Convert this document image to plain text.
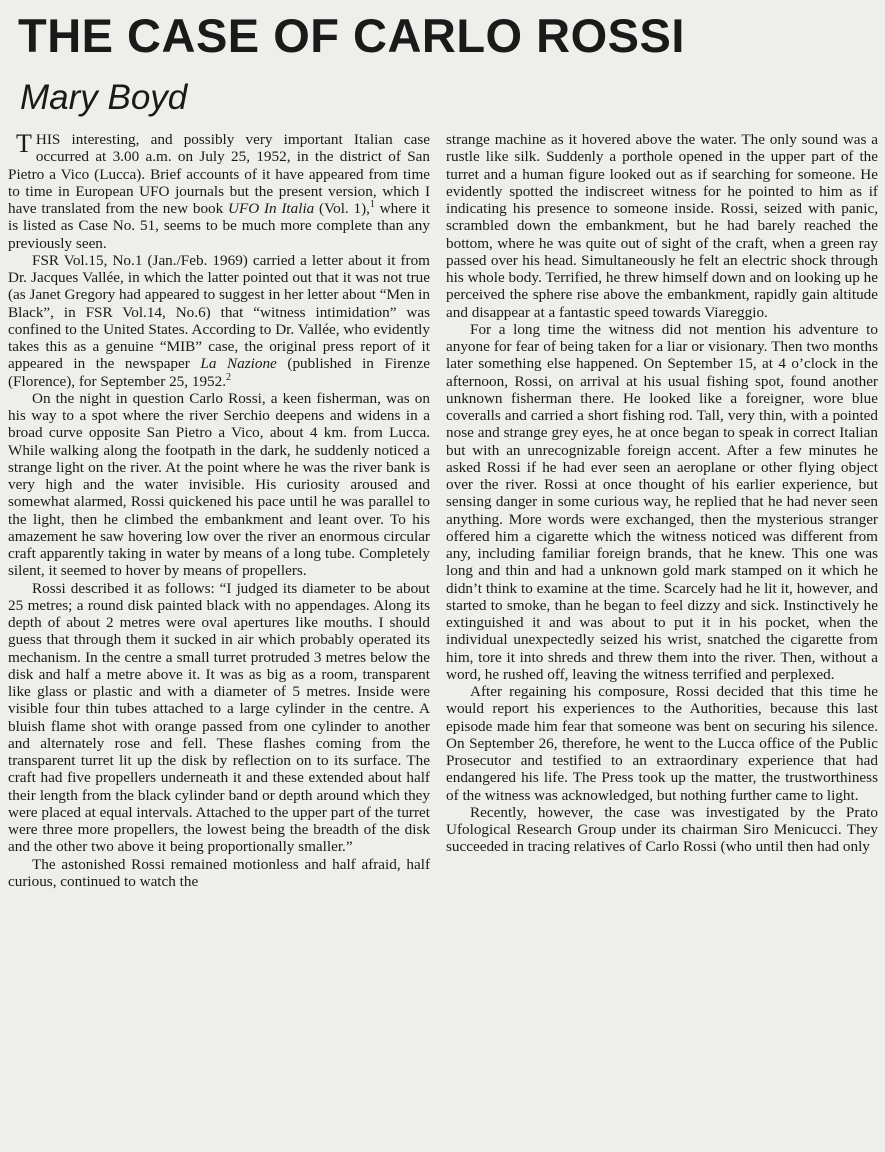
THE CASE OF CARLO ROSSI
Mary Boyd

THIS interesting, and possibly very important Italian case occurred at 3.00 a.m. on July 25, 1952, in the district of San Pietro a Vico (Lucca). Brief accounts of it have appeared from time to time in European UFO journals but the present version, which I have translated from the new book UFO In Italia (Vol. 1),$^1$ where it is listed as Case No. 51, seems to be much more complete than any previously seen.

FSR Vol.15, No.1 (Jan./Feb. 1969) carried a letter about it from Dr. Jacques Vallée, in which the latter pointed out that it was not true (as Janet Gregory had appeared to suggest in her letter about “Men in Black”, in FSR Vol.14, No.6) that “witness intimidation” was confined to the United States. According to Dr. Vallée, who evidently takes this as a genuine “MIB” case, the original press report of it appeared in the newspaper La Nazione (published in Firenze (Florence), for September 25, 1952.$^2$

On the night in question Carlo Rossi, a keen fisherman, was on his way to a spot where the river Serchio deepens and widens in a broad curve opposite San Pietro a Vico, about 4 km. from Lucca. While walking along the footpath in the dark, he suddenly noticed a strange light on the river. At the point where he was the river bank is very high and the water invisible. His curiosity aroused and somewhat alarmed, Rossi quickened his pace until he was parallel to the light, then he climbed the embankment and leant over. To his amazement he saw hovering low over the river an enormous circular craft apparently taking in water by means of a long tube. Completely silent, it seemed to hover by means of propellers.

Rossi described it as follows: “I judged its diameter to be about 25 metres; a round disk painted black with no appendages. Along its depth of about 2 metres were oval apertures like mouths. I should guess that through them it sucked in air which probably operated its mechanism. In the centre a small turret protruded 3 metres below the disk and half a metre above it. It was as big as a room, transparent like glass or plastic and with a diameter of 5 metres. Inside were visible four thin tubes attached to a large cylinder in the centre. A bluish flame shot with orange passed from one cylinder to another and alternately rose and fell. These flashes coming from the transparent turret lit up the disk by reflection on to its surface. The craft had five propellers underneath it and these extended about half their length from the black cylinder band or depth around which they were placed at equal intervals. Attached to the upper part of the turret were three more propellers, the lowest being the breadth of the disk and the other two above it being proportionally smaller.”

The astonished Rossi remained motionless and half afraid, half curious, continued to watch the

strange machine as it hovered above the water. The only sound was a rustle like silk. Suddenly a porthole opened in the upper part of the turret and a human figure looked out as if searching for someone. He evidently spotted the indiscreet witness for he pointed to him as if indicating his presence to someone inside. Rossi, seized with panic, scrambled down the embankment, but he had barely reached the bottom, where he was quite out of sight of the craft, when a green ray passed over his head. Simultaneously he felt an electric shock through his whole body. Terrified, he threw himself down and on looking up he perceived the sphere rise above the embankment, rapidly gain altitude and disappear at a fantastic speed towards Viareggio.

For a long time the witness did not mention his adventure to anyone for fear of being taken for a liar or visionary. Then two months later something else happened. On September 15, at 4 o’clock in the afternoon, Rossi, on arrival at his usual fishing spot, found another unknown fisherman there. He looked like a foreigner, wore blue coveralls and carried a short fishing rod. Tall, very thin, with a pointed nose and strange grey eyes, he at once began to speak in correct Italian but with an unrecognizable foreign accent. After a few minutes he asked Rossi if he had ever seen an aeroplane or other flying object over the river. Rossi at once thought of his earlier experience, but sensing danger in some curious way, he replied that he had never seen anything. More words were exchanged, then the mysterious stranger offered him a cigarette which the witness noticed was different from any, including familiar foreign brands, that he knew. This one was long and thin and had a unknown gold mark stamped on it which he didn’t think to examine at the time. Scarcely had he lit it, however, and started to smoke, than he began to feel dizzy and sick. Instinctively he extinguished it and was about to put it in his pocket, when the individual unexpectedly seized his wrist, snatched the cigarette from him, tore it into shreds and threw them into the river. Then, without a word, he rushed off, leaving the witness terrified and perplexed.

After regaining his composure, Rossi decided that this time he would report his experiences to the Authorities, because this last episode made him fear that someone was bent on securing his silence. On September 26, therefore, he went to the Lucca office of the Public Prosecutor and testified to an extraordinary experience that had endangered his life. The Press took up the matter, the trustworthiness of the witness was acknowledged, but nothing further came to light.

Recently, however, the case was investigated by the Prato Ufological Research Group under its chairman Siro Menicucci. They succeeded in tracing relatives of Carlo Rossi (who until then had only
